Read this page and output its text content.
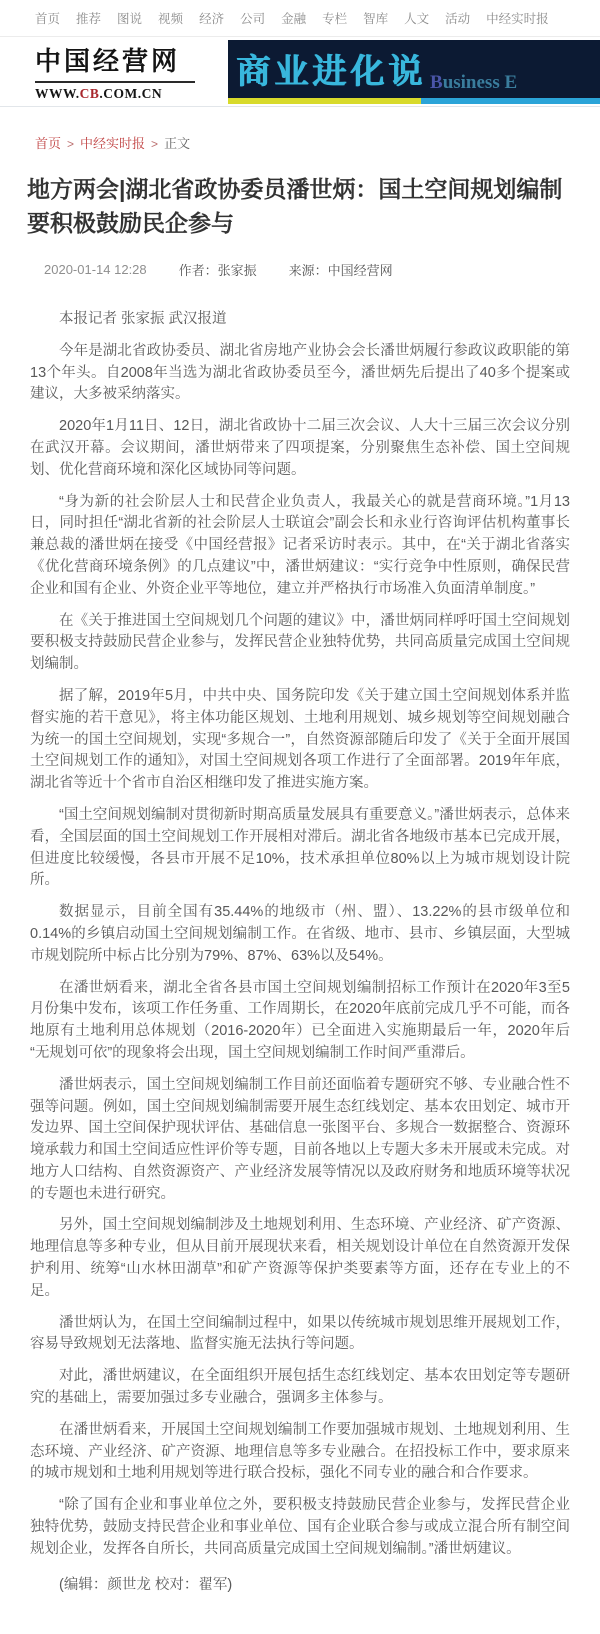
首页 推荐 图说 视频 经济 公司 金融 专栏 智库 人文 活动 中经实时报
中国经营网
WWW.CB.COM.CN
商业进化说 Business E
首页 > 中经实时报 > 正文
地方两会|湖北省政协委员潘世炳：国土空间规划编制要积极鼓励民企参与
2020-01-14 12:28 作者：张家振 来源：中国经营网

本报记者 张家振 武汉报道

今年是湖北省政协委员、湖北省房地产业协会会长潘世炳履行参政议政职能的第13个年头。自2008年当选为湖北省政协委员至今，潘世炳先后提出了40多个提案或建议，大多被采纳落实。

2020年1月11日、12日，湖北省政协十二届三次会议、人大十三届三次会议分别在武汉开幕。会议期间，潘世炳带来了四项提案，分别聚焦生态补偿、国土空间规划、优化营商环境和深化区域协同等问题。

“身为新的社会阶层人士和民营企业负责人，我最关心的就是营商环境。”1月13日，同时担任“湖北省新的社会阶层人士联谊会”副会长和永业行咨询评估机构董事长兼总裁的潘世炳在接受《中国经营报》记者采访时表示。其中，在“关于湖北省落实《优化营商环境条例》的几点建议”中，潘世炳建议：“实行竞争中性原则，确保民营企业和国有企业、外资企业平等地位，建立并严格执行市场准入负面清单制度。”

在《关于推进国土空间规划几个问题的建议》中，潘世炳同样呼吁国土空间规划要积极支持鼓励民营企业参与，发挥民营企业独特优势，共同高质量完成国土空间规划编制。

据了解，2019年5月，中共中央、国务院印发《关于建立国土空间规划体系并监督实施的若干意见》，将主体功能区规划、土地利用规划、城乡规划等空间规划融合为统一的国土空间规划，实现“多规合一”，自然资源部随后印发了《关于全面开展国土空间规划工作的通知》，对国土空间规划各项工作进行了全面部署。2019年年底，湖北省等近十个省市自治区相继印发了推进实施方案。

“国土空间规划编制对贯彻新时期高质量发展具有重要意义。”潘世炳表示，总体来看，全国层面的国土空间规划工作开展相对滞后。湖北省各地级市基本已完成开展，但进度比较缓慢，各县市开展不足10%，技术承担单位80%以上为城市规划设计院所。

数据显示，目前全国有35.44%的地级市（州、盟）、13.22%的县市级单位和0.14%的乡镇启动国土空间规划编制工作。在省级、地市、县市、乡镇层面，大型城市规划院所中标占比分别为79%、87%、63%以及54%。

在潘世炳看来，湖北全省各县市国土空间规划编制招标工作预计在2020年3至5月份集中发布，该项工作任务重、工作周期长，在2020年底前完成几乎不可能，而各地原有土地利用总体规划（2016-2020年）已全面进入实施期最后一年，2020年后“无规划可依”的现象将会出现，国土空间规划编制工作时间严重滞后。

潘世炳表示，国土空间规划编制工作目前还面临着专题研究不够、专业融合性不强等问题。例如，国土空间规划编制需要开展生态红线划定、基本农田划定、城市开发边界、国土空间保护现状评估、基础信息一张图平台、多规合一数据整合、资源环境承载力和国土空间适应性评价等专题，目前各地以上专题大多未开展或未完成。对地方人口结构、自然资源资产、产业经济发展等情况以及政府财务和地质环境等状况的专题也未进行研究。

另外，国土空间规划编制涉及土地规划利用、生态环境、产业经济、矿产资源、地理信息等多种专业，但从目前开展现状来看，相关规划设计单位在自然资源开发保护利用、统筹“山水林田湖草”和矿产资源等保护类要素等方面，还存在专业上的不足。

潘世炳认为，在国土空间编制过程中，如果以传统城市规划思维开展规划工作，容易导致规划无法落地、监督实施无法执行等问题。

对此，潘世炳建议，在全面组织开展包括生态红线划定、基本农田划定等专题研究的基础上，需要加强过多专业融合，强调多主体参与。

在潘世炳看来，开展国土空间规划编制工作要加强城市规划、土地规划利用、生态环境、产业经济、矿产资源、地理信息等多专业融合。在招投标工作中，要求原来的城市规划和土地利用规划等进行联合投标，强化不同专业的融合和合作要求。

“除了国有企业和事业单位之外，要积极支持鼓励民营企业参与，发挥民营企业独特优势，鼓励支持民营企业和事业单位、国有企业联合参与或成立混合所有制空间规划企业，发挥各自所长，共同高质量完成国土空间规划编制。”潘世炳建议。

(编辑：颜世龙 校对：翟军)
